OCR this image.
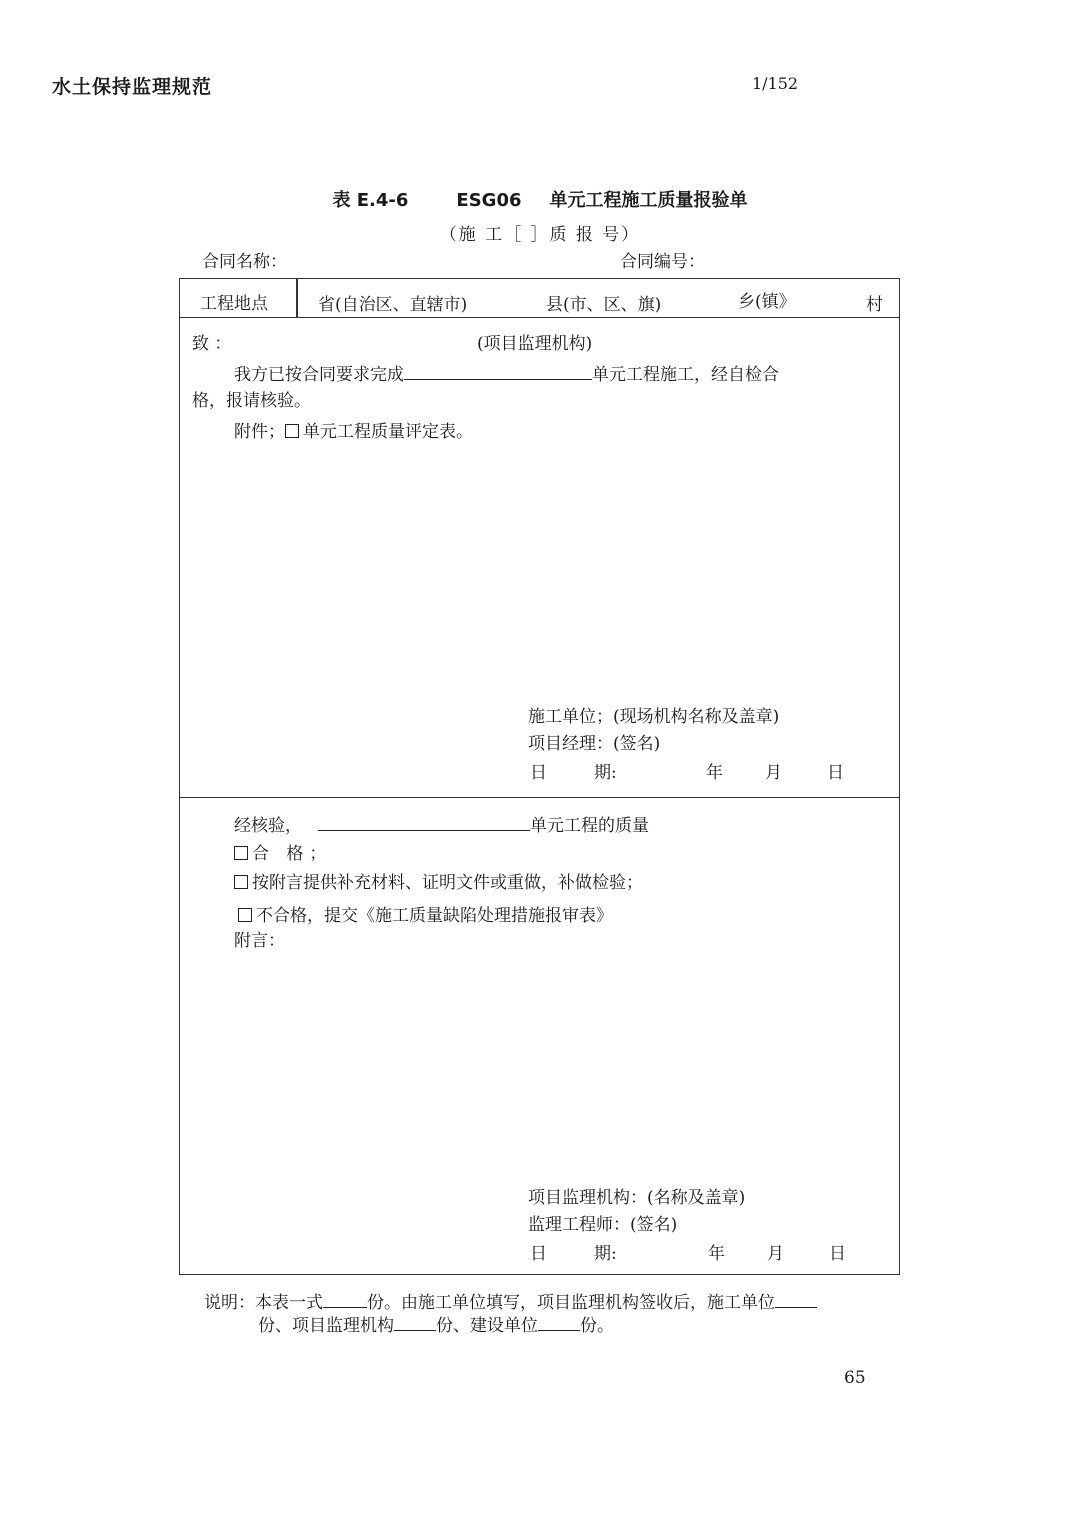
水土保持监理规范	1/152
表 E.4-6	ESG06 单元工程施工质量报验单
（施 工［ ］质 报 号）
合同名称：	合同编号：
工程地点	省(自治区、直辖市)	县(市、区、旗)	乡(镇》	村
致 ：	(项目监理机构)
我方已按合同要求完成	单元工程施工，经自检合
格，报请核验。
附件； 单元工程质量评定表。
施工单位；(现场机构名称及盖章)
项目经理：(签名)
日	期:	年 月	日
经核验，	单元工程的质量
合 格；
按附言提供补充材料、证明文件或重做，补做检验；
不合格，提交《施工质量缺陷处理措施报审表》
附言：
项目监理机构：(名称及盖章)
监理工程师：(签名)
日	期:	年 月	日
说明：本表一式	份。由施工单位填写，项目监理机构签收后，施工单位
份、项目监理机构 份、建设单位 份。
65
